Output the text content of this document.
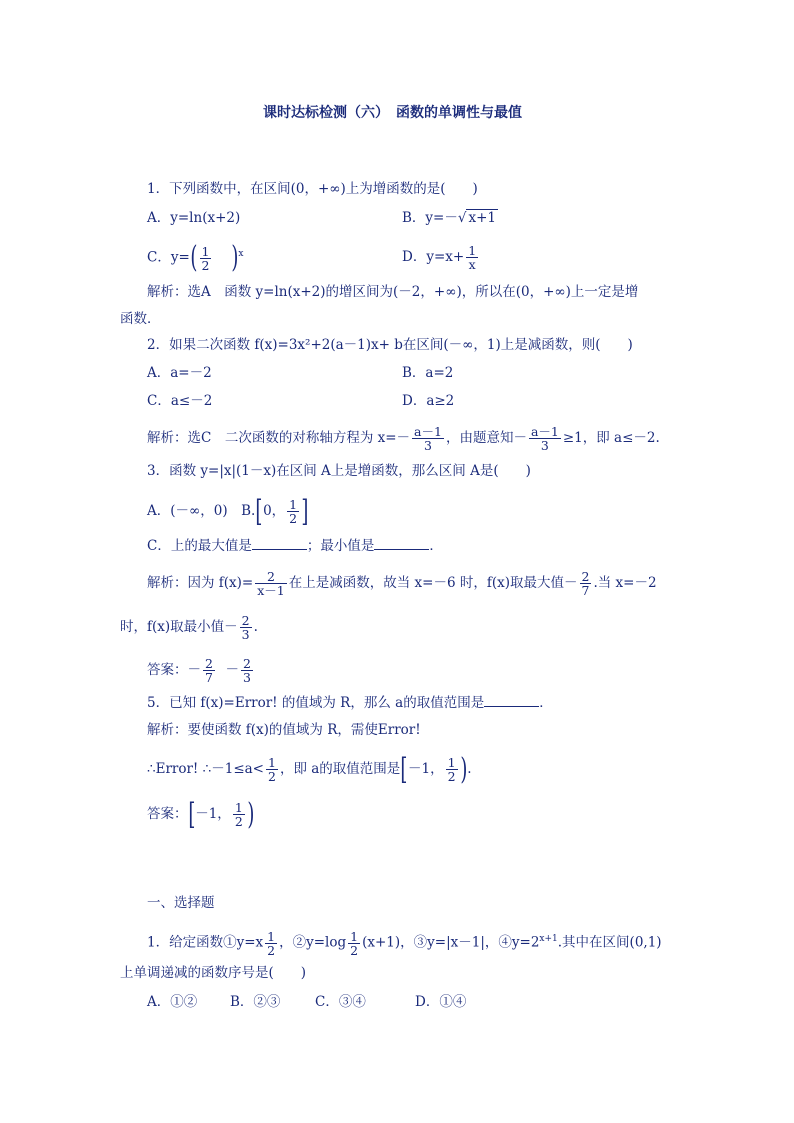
课时达标检测（六）　函数的单调性与最值
1．下列函数中，在区间(0，+∞)上为增函数的是(　　)
A．y=ln(x+2)	B．y=－√ x+1
C．$y=( \frac{1}{2} )^x$	D．$y=x+ \frac{1}{x}$
解析：选A　函数 y=ln(x+2)的增区间为(－2，+∞)，所以在(0，+∞)上一定是增
函数．
2．如果二次函数 f(x)=3x²+2(a－1)x+ b在区间(－∞，1)上是减函数，则(　　)
A．a=－2	B．a=2
C．a≤－2	D．a≥2
解析：选C　二次函数的对称轴方程为 $x=- \frac{a-1}{3}$ ，由题意知－ $\frac{a-1}{3} \ge 1$，即 a≤－2.
3．函数 y=|x|(1－x)在区间 A上是增函数，那么区间 A是(　　)
A．(－∞，0)　B.[0， $\frac{1}{2}$ ]
C．上的最大值是	；最小值是	．
解析：因为 $f(x)= \frac{2}{x-1}$ 在上是减函数，故当 x=－6 时，f(x)取最大值－ $\frac{2}{7}$ .当 x=－2
时，f(x)取最小值－ $\frac{2}{3}$ .
答案：－ $\frac{2}{7} - \frac{2}{3}$
5．已知 f(x)=Error! 的值域为 R，那么 a的取值范围是	．
解析：要使函数 f(x)的值域为 R，需使Error!
∴Error! ∴－1≤a< $\frac{1}{2}$ ，即 a的取值范围是[－1， $\frac{1}{2}$ ).
答案：[－1， $\frac{1}{2}$ )
一、选择题
1．给定函数①y=x $\frac{1}{2}$ ，②y=log $\frac{1}{2} (x+1)$，③y=|x－1|，$④y=2^{x+1}$.其中在区间(0,1)
上单调递减的函数序号是(　　)
A．①② B．②③	C．③④	D．①④
